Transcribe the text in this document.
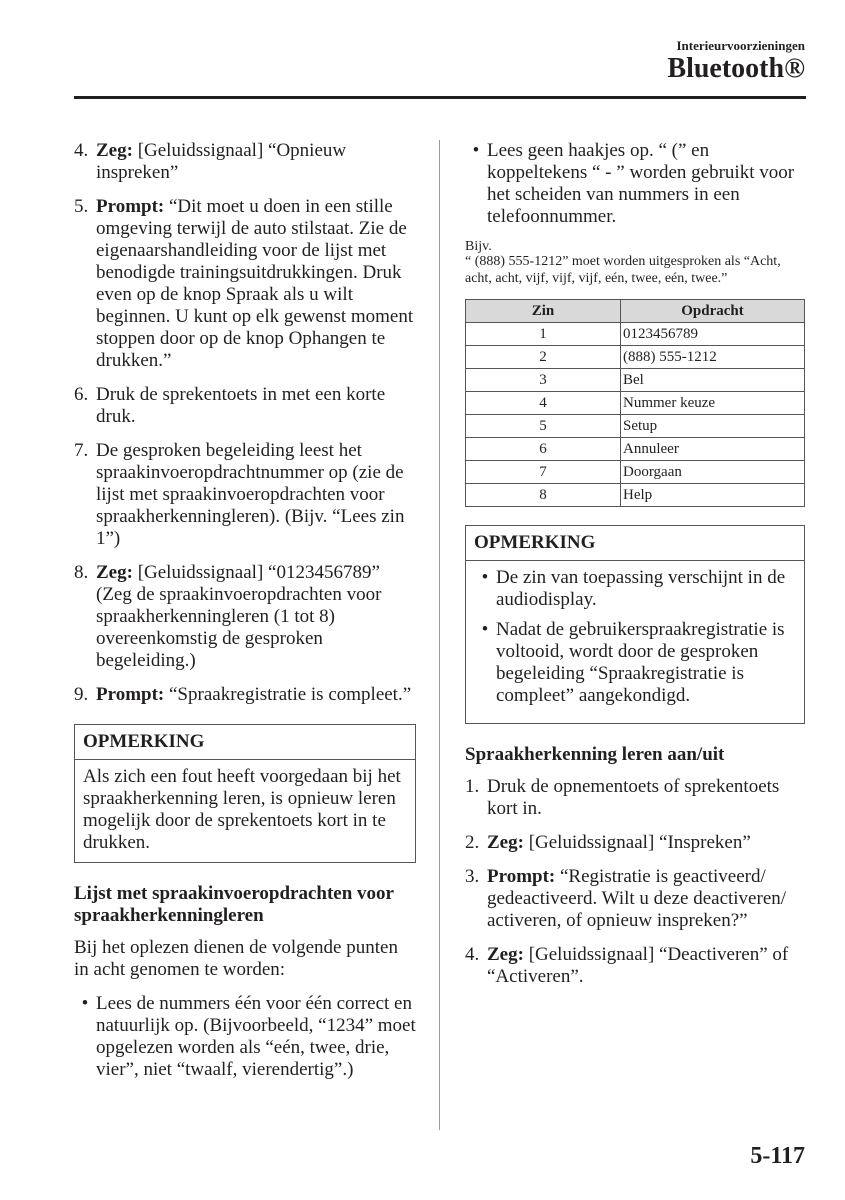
Interieurvoorzieningen
Bluetooth®
4. Zeg: [Geluidssignaal] “Opnieuw inspreken”
5. Prompt: “Dit moet u doen in een stille omgeving terwijl de auto stilstaat. Zie de eigenaarshandleiding voor de lijst met benodigde trainingsuitdrukkingen. Druk even op de knop Spraak als u wilt beginnen. U kunt op elk gewenst moment stoppen door op de knop Ophangen te drukken.”
6. Druk de sprekentoets in met een korte druk.
7. De gesproken begeleiding leest het spraakinvoeropdrachtnummer op (zie de lijst met spraakinvoeropdrachten voor spraakherkenningleren). (Bijv. “Lees zin 1”)
8. Zeg: [Geluidssignaal] “0123456789” (Zeg de spraakinvoeropdrachten voor spraakherkenningleren (1 tot 8) overeenkomstig de gesproken begeleiding.)
9. Prompt: “Spraakregistratie is compleet.”
OPMERKING
Als zich een fout heeft voorgedaan bij het spraakherkenning leren, is opnieuw leren mogelijk door de sprekentoets kort in te drukken.
Lijst met spraakinvoeropdrachten voor spraakherkenningleren
Bij het oplezen dienen de volgende punten in acht genomen te worden:
• Lees de nummers één voor één correct en natuurlijk op. (Bijvoorbeeld, “1234” moet opgelezen worden als “eén, twee, drie, vier”, niet “twaalf, vierendertig”.)
• Lees geen haakjes op. “ (” en koppeltekens “ - ” worden gebruikt voor het scheiden van nummers in een telefoonnummer.
Bijv.
“ (888) 555-1212” moet worden uitgesproken als “Acht, acht, acht, vijf, vijf, vijf, eén, twee, eén, twee.”
Zin	Opdracht
1	0123456789
2	(888) 555-1212
3	Bel
4	Nummer keuze
5	Setup
6	Annuleer
7	Doorgaan
8	Help
OPMERKING
• De zin van toepassing verschijnt in de audiodisplay.
• Nadat de gebruikerspraakregistratie is voltooid, wordt door de gesproken begeleiding “Spraakregistratie is compleet” aangekondigd.
Spraakherkenning leren aan/uit
1. Druk de opnementoets of sprekentoets kort in.
2. Zeg: [Geluidssignaal] “Inspreken”
3. Prompt: “Registratie is geactiveerd/ gedeactiveerd. Wilt u deze deactiveren/ activeren, of opnieuw inspreken?”
4. Zeg: [Geluidssignaal] “Deactiveren” of “Activeren”.
5-117
